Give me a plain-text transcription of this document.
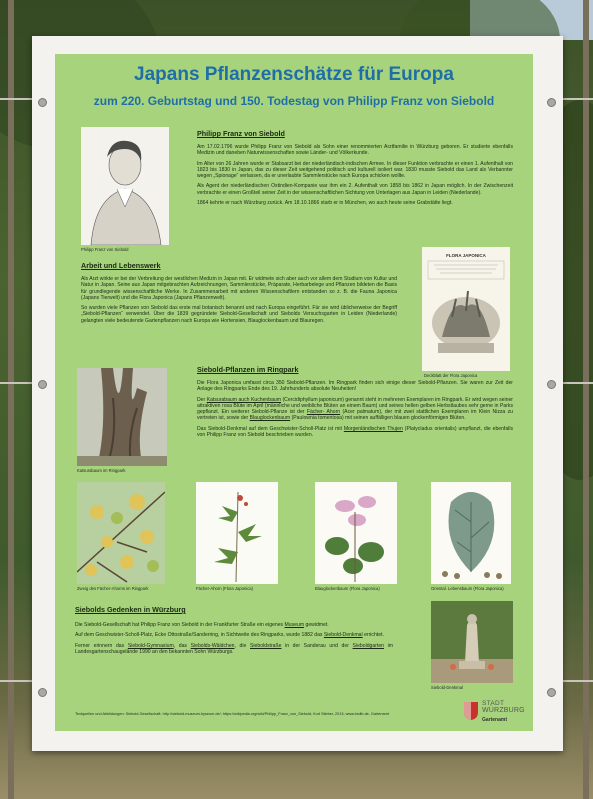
Japans Pflanzenschätze für Europa
zum 220. Geburtstag und 150. Todestag von Philipp Franz von Siebold
Philipp Franz von Siebold
Philipp Franz von Siebold

Am 17.02.1796 wurde Philipp Franz von Siebold als Sohn einer renommierten Arztfamilie in Würzburg geboren. Er studierte ebenfalls Medizin und daneben Naturwissenschaften sowie Länder- und Völkerkunde.

Im Alter von 26 Jahren wurde er Stabsarzt bei der niederländisch-indischen Armee. In dieser Funktion verbrachte er einen 1. Aufenthalt von 1823 bis 1830 in Japan, das zu dieser Zeit weitgehend politisch und kulturell isoliert war. 1830 musste Siebold das Land als Verbannter wegen „Spionage“ verlassen, da er unerlaubte Sammlerstücke nach Europa schicken wollte.

Als Agent der niederländischen Ostindien-Kompanie war ihm ein 2. Aufenthalt von 1858 bis 1862 in Japan möglich. In der Zwischenzeit verbrachte er einen Großteil seiner Zeit in der wissenschaftlichen Sichtung von Unterlagen aus Japan in Leiden (Niederlande).

1864 kehrte er nach Würzburg zurück. Am 18.10.1866 starb er in München, wo auch heute seine Grabstätte liegt.

Arbeit und Lebenswerk

Als Arzt wirkte er bei der Verbreitung der westlichen Medizin in Japan mit. Er widmete sich aber auch vor allem dem Studium von Kultur und Natur in Japan. Seine aus Japan mitgebrachten Aufzeichnungen, Sammlerstücke, Präparate, Herbarbelege und Pflanzen bildeten die Basis für grundlegende wissenschaftliche Werke. In Zusammenarbeit mit anderen Wissenschaftlern entstanden so z. B. die Fauna Japonica (Japans Tierwelt) und die Flora Japonica (Japans Pflanzenwelt).

So wurden viele Pflanzen von Siebold das erste mal botanisch benannt und nach Europa eingeführt. Für sie wird üblicherweise der Begriff „Siebold-Pflanzen“ verwendet. Über die 1839 gegründete Siebold-Gesellschaft und Siebolds Versuchsgarten in Leiden (Niederlande) gelangten viele bedeutende Gartenpflanzen nach Europa wie Hortensien, Blauglockenbaum und Blauregen.

FLORA JAPONICA
Deckblatt der Flora Japonica
Katsurabaum im Ringpark
Siebold-Pflanzen im Ringpark

Die Flora Japonica umfasst circa 350 Siebold-Pflanzen. Im Ringpark finden sich einige dieser Siebold-Pflanzen. Sie waren zur Zeit der Anlage des Ringparks Ende des 19. Jahrhunderts absolute Neuheiten!

Der Katsurabaum auch Kuchenbaum (Cercidiphyllum japonicum) genannt steht in mehreren Exemplaren im Ringpark. Er wird wegen seiner attraktiven rosa Blüte im April (männliche und weibliche Blüten an einem Baum) und seines hellen gelben Herbstlaubes sehr gerne in Parks gepflanzt. Ein weiterer Siebold-Pflanze ist der Fächer- Ahorn (Acer palmatum), der mit zwei stattlichen Exemplaren im Klein Nizza zu vertreten ist, sowie der Blauglockenbaum (Paulownia tomentosa) mit seinen auffälligen blauen glockenförmigen Blüten.

Das Siebold-Denkmal auf dem Geschwister-Scholl-Platz ist mit Morgenländischen Thujen (Platycladus orientalis) umpflanzt, die ebenfalls von Philipp Franz von Siebold beschrieben wurden.

Zweig des Fächer-Ahorns im Ringpark	Fächer-Ahorn (Flora Japonica)	Blauglockenbaum (Flora Japonica)	Oriental. Lebensbaum (Flora Japonica)
Siebolds Gedenken in Würzburg

Die Siebold-Gesellschaft hat Philipp Franz von Siebold in der Frankfurter Straße ein eigenes Museum gewidmet.

Auf dem Geschwister-Scholl-Platz, Ecke Ottostraße/Sanderring, in Sichtweite des Ringparks, wurde 1882 das Siebold-Denkmal errichtet.

Ferner erinnern das Siebold-Gymnasium, das Siebolds-Wäldchen, die Sieboldstraße in der Sanderau und der Sieboldgarten im Landesgartenschaugelände 1990 an den bekannten Sohn Würzburgs.

Siebold-Denkmal
Textquellen und Abbildungen: Siebold-Gesellschaft: http://siebold-museum.byseum.de/; https://wikipedia.org/wiki/Philipp_Franz_von_Siebold, Kurt Stieber, 2013; www.biolib.de, Gartenamt
STADT
WÜRZBURG
Gartenamt
